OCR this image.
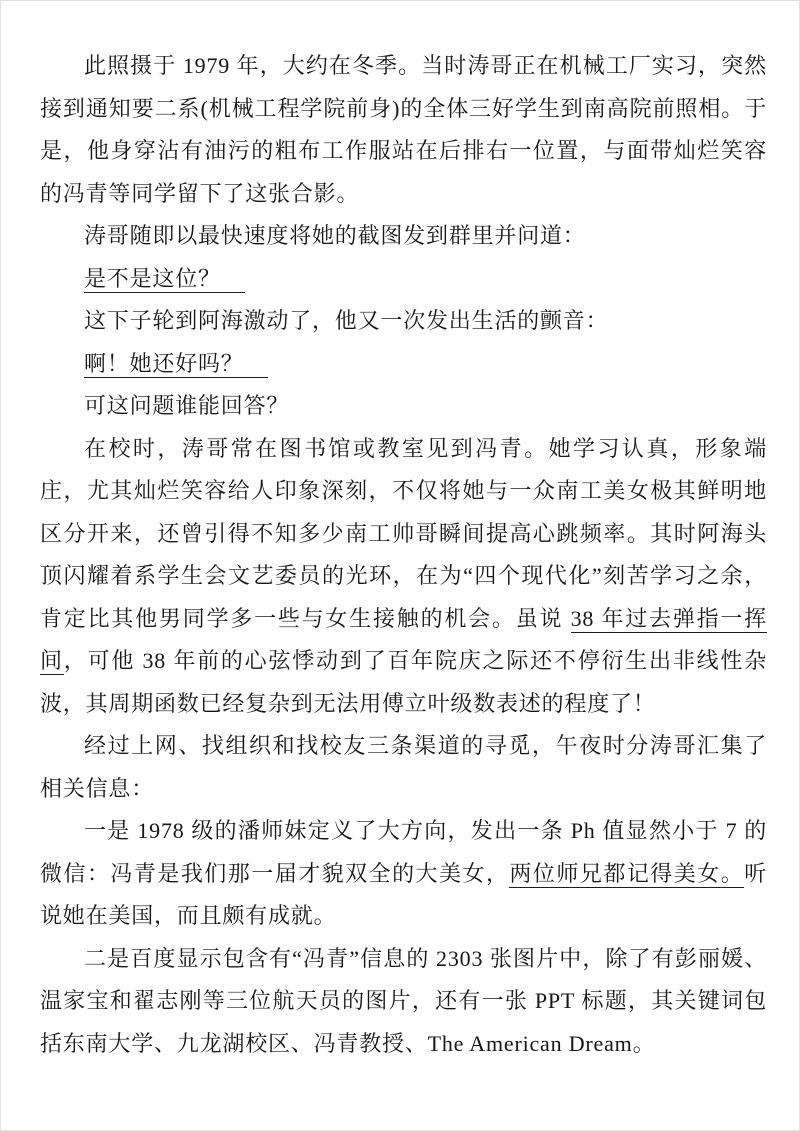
此照摄于 1979 年，大约在冬季。当时涛哥正在机械工厂实习，突然接到通知要二系(机械工程学院前身)的全体三好学生到南高院前照相。于是，他身穿沾有油污的粗布工作服站在后排右一位置，与面带灿烂笑容的冯青等同学留下了这张合影。

涛哥随即以最快速度将她的截图发到群里并问道：

是不是这位？

这下子轮到阿海激动了，他又一次发出生活的颤音：

啊！她还好吗？

可这问题谁能回答？

在校时，涛哥常在图书馆或教室见到冯青。她学习认真，形象端庄，尤其灿烂笑容给人印象深刻，不仅将她与一众南工美女极其鲜明地区分开来，还曾引得不知多少南工帅哥瞬间提高心跳频率。其时阿海头顶闪耀着系学生会文艺委员的光环，在为“四个现代化”刻苦学习之余，肯定比其他男同学多一些与女生接触的机会。虽说 38 年过去弹指一挥间，可他 38 年前的心弦悸动到了百年院庆之际还不停衍生出非线性杂波，其周期函数已经复杂到无法用傅立叶级数表述的程度了！

经过上网、找组织和找校友三条渠道的寻觅，午夜时分涛哥汇集了相关信息：

一是 1978 级的潘师妹定义了大方向，发出一条 Ph 值显然小于 7 的微信：冯青是我们那一届才貌双全的大美女，两位师兄都记得美女。听说她在美国，而且颇有成就。

二是百度显示包含有“冯青”信息的 2303 张图片中，除了有彭丽媛、温家宝和翟志刚等三位航天员的图片，还有一张 PPT 标题，其关键词包括东南大学、九龙湖校区、冯青教授、The American Dream。
